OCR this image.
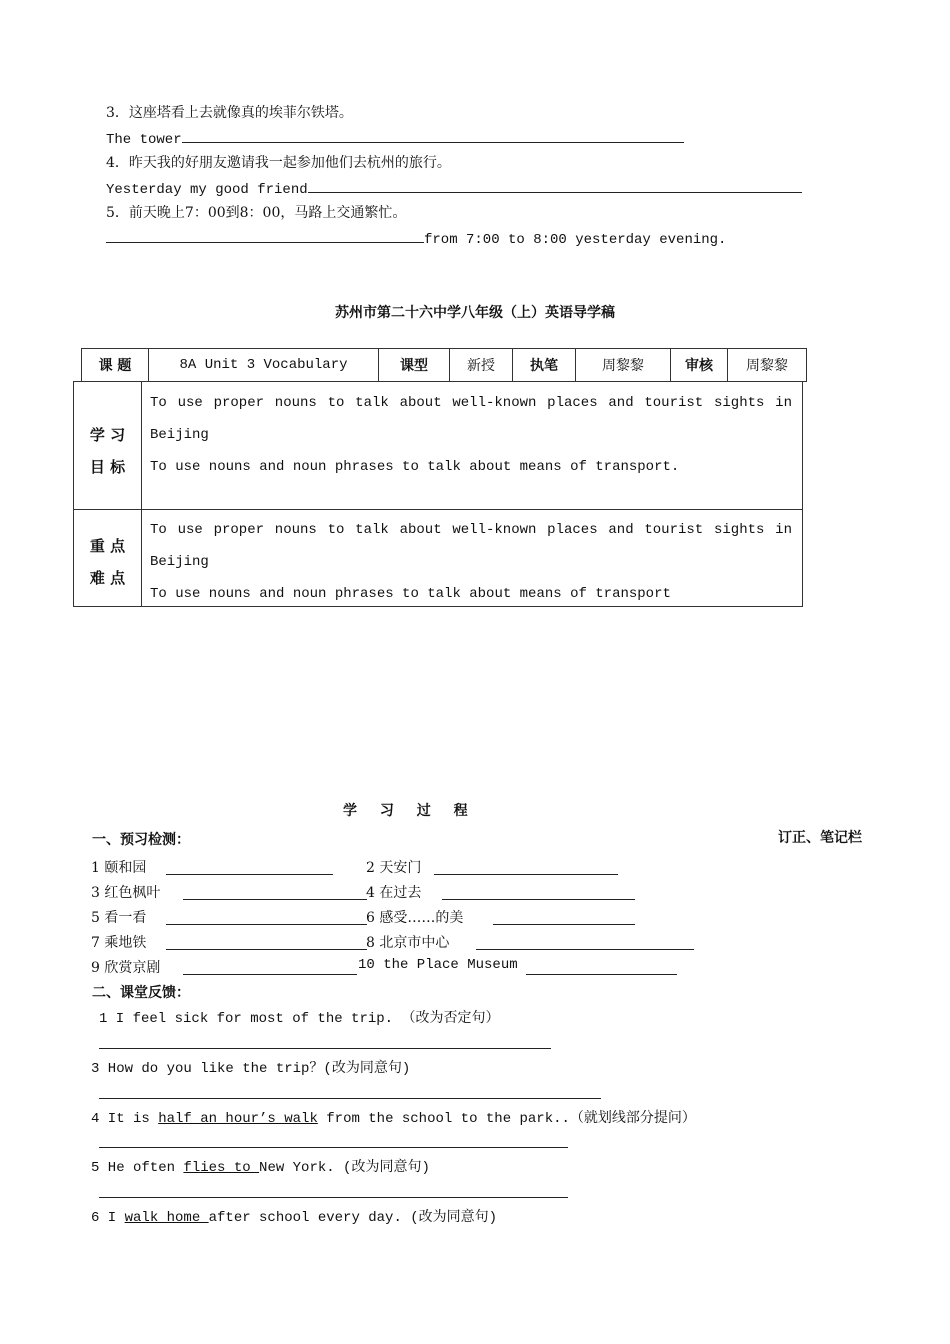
3．这座塔看上去就像真的埃菲尔铁塔。
The tower
4．昨天我的好朋友邀请我一起参加他们去杭州的旅行。
Yesterday my good friend
5．前天晚上7：00到8：00，马路上交通繁忙。
from 7:00 to 8:00 yesterday evening.
苏州市第二十六中学八年级（上）英语导学稿
课 题	8A Unit 3 Vocabulary	课型	新授	执笔	周黎黎	审核	周黎黎
学 习
目 标
To use proper nouns to talk about well-known places and tourist sights in
Beijing
To use nouns and noun phrases to talk about means of transport.
重 点
难 点
To use proper nouns to talk about well-known places and tourist sights in
Beijing
To use nouns and noun phrases to talk about means of transport
学 习 过 程
订正、笔记栏
一、预习检测：
1 颐和园	2 天安门
3 红色枫叶	4 在过去
5 看一看	6 感受……的美
7 乘地铁	8 北京市中心
9 欣赏京剧	10 the Place Museum
二、课堂反馈：
1 I feel sick for most of the trip. （改为否定句）
3 How do you like the trip？(改为同意句)
4 It is half an hour’s walk from the school to the park..（就划线部分提问）
5 He often flies to New York. (改为同意句)
6 I walk home after school every day. (改为同意句)
